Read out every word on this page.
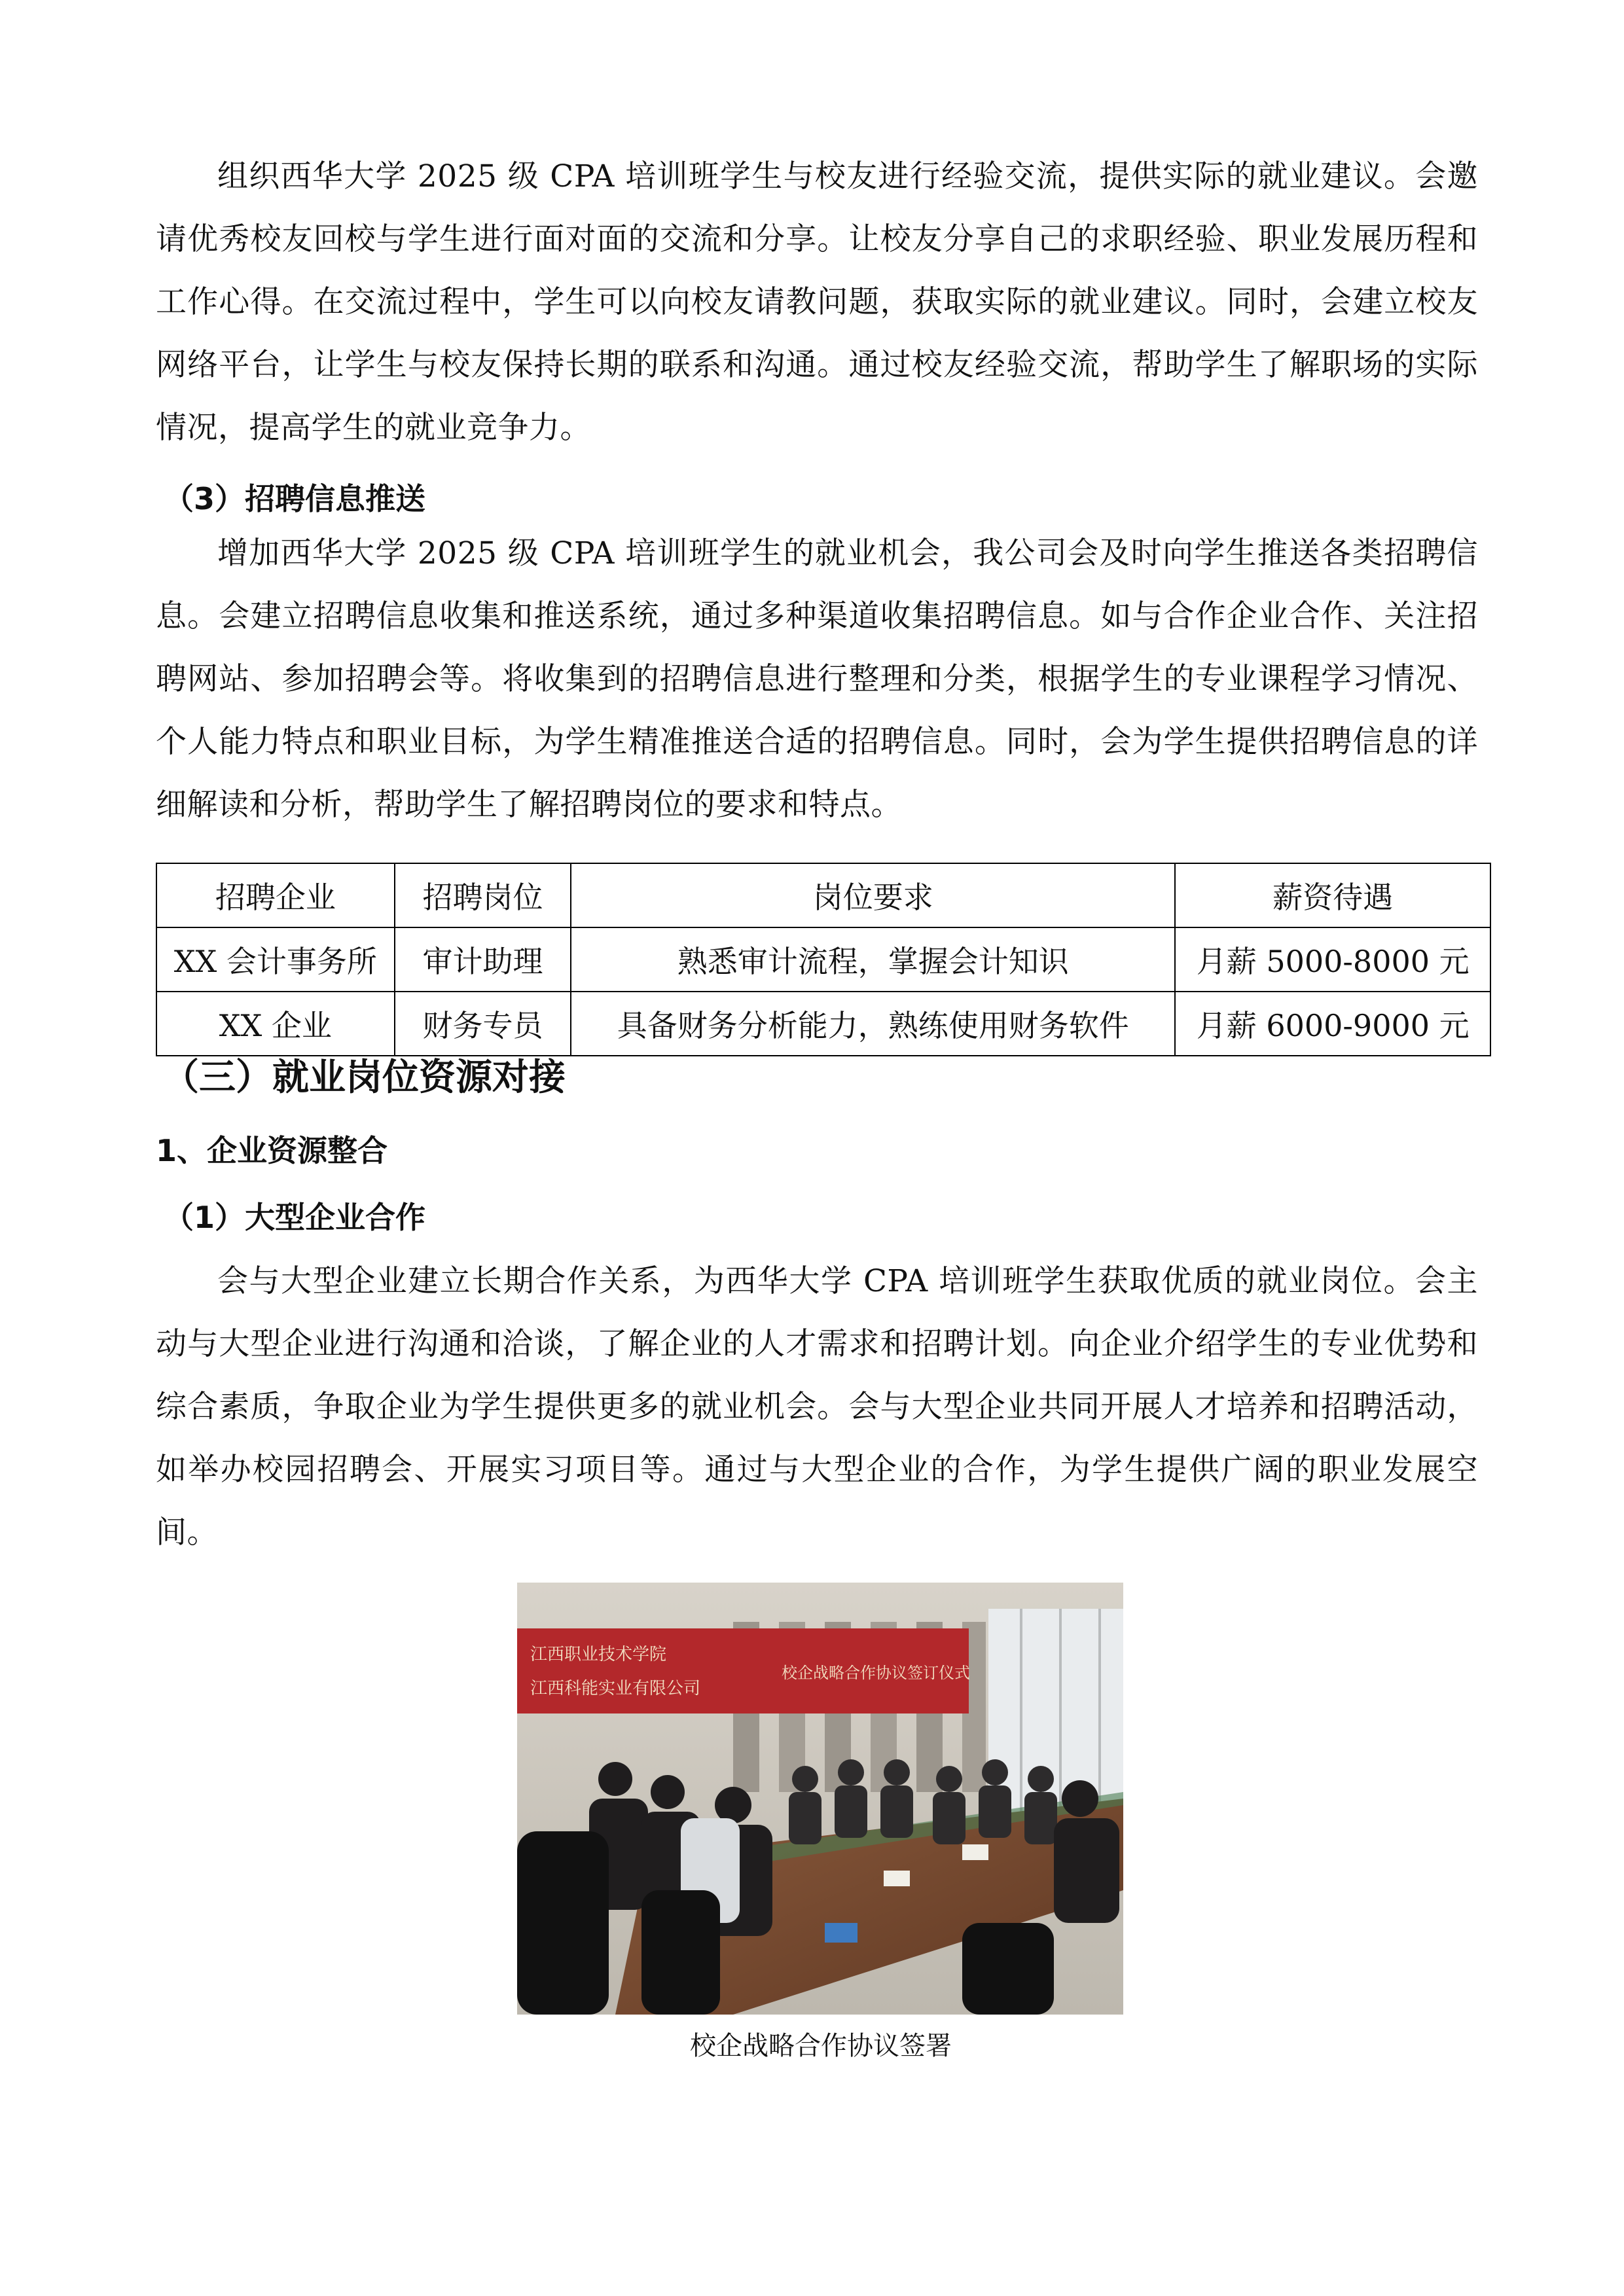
组织西华大学 2025 级 CPA 培训班学生与校友进行经验交流，提供实际的就业建议。会邀请优秀校友回校与学生进行面对面的交流和分享。让校友分享自己的求职经验、职业发展历程和工作心得。在交流过程中，学生可以向校友请教问题，获取实际的就业建议。同时，会建立校友网络平台，让学生与校友保持长期的联系和沟通。通过校友经验交流，帮助学生了解职场的实际情况，提高学生的就业竞争力。

（3）招聘信息推送

增加西华大学 2025 级 CPA 培训班学生的就业机会，我公司会及时向学生推送各类招聘信息。会建立招聘信息收集和推送系统，通过多种渠道收集招聘信息。如与合作企业合作、关注招聘网站、参加招聘会等。将收集到的招聘信息进行整理和分类，根据学生的专业课程学习情况、个人能力特点和职业目标，为学生精准推送合适的招聘信息。同时，会为学生提供招聘信息的详细解读和分析，帮助学生了解招聘岗位的要求和特点。

招聘企业	招聘岗位	岗位要求	薪资待遇
XX 会计事务所	审计助理	熟悉审计流程，掌握会计知识	月薪 5000-8000 元
XX 企业	财务专员	具备财务分析能力，熟练使用财务软件	月薪 6000-9000 元
（三）就业岗位资源对接
1、企业资源整合
（1）大型企业合作

会与大型企业建立长期合作关系，为西华大学 CPA 培训班学生获取优质的就业岗位。会主动与大型企业进行沟通和洽谈，了解企业的人才需求和招聘计划。向企业介绍学生的专业优势和综合素质，争取企业为学生提供更多的就业机会。会与大型企业共同开展人才培养和招聘活动，如举办校园招聘会、开展实习项目等。通过与大型企业的合作，为学生提供广阔的职业发展空间。

江西职业技术学院
江西科能实业有限公司
校企战略合作协议签订仪式

校企战略合作协议签署
